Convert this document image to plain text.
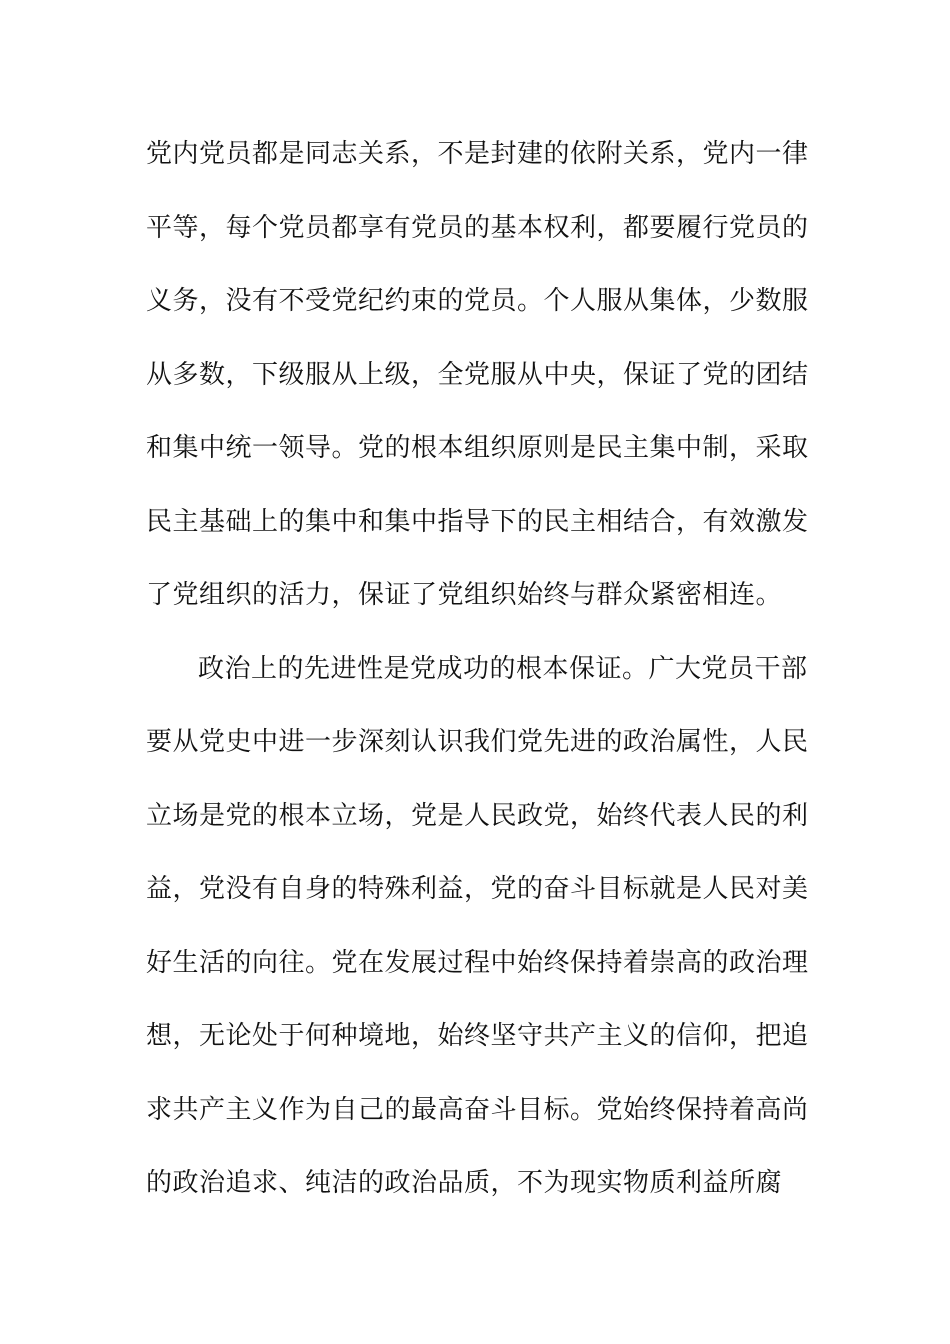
党内党员都是同志关系，不是封建的依附关系，党内一律
平等，每个党员都享有党员的基本权利，都要履行党员的
义务，没有不受党纪约束的党员。个人服从集体，少数服
从多数，下级服从上级，全党服从中央，保证了党的团结
和集中统一领导。党的根本组织原则是民主集中制，采取
民主基础上的集中和集中指导下的民主相结合，有效激发
了党组织的活力，保证了党组织始终与群众紧密相连。
政治上的先进性是党成功的根本保证。广大党员干部
要从党史中进一步深刻认识我们党先进的政治属性，人民
立场是党的根本立场，党是人民政党，始终代表人民的利
益，党没有自身的特殊利益，党的奋斗目标就是人民对美
好生活的向往。党在发展过程中始终保持着崇高的政治理
想，无论处于何种境地，始终坚守共产主义的信仰，把追
求共产主义作为自己的最高奋斗目标。党始终保持着高尚
的政治追求、纯洁的政治品质，不为现实物质利益所腐
